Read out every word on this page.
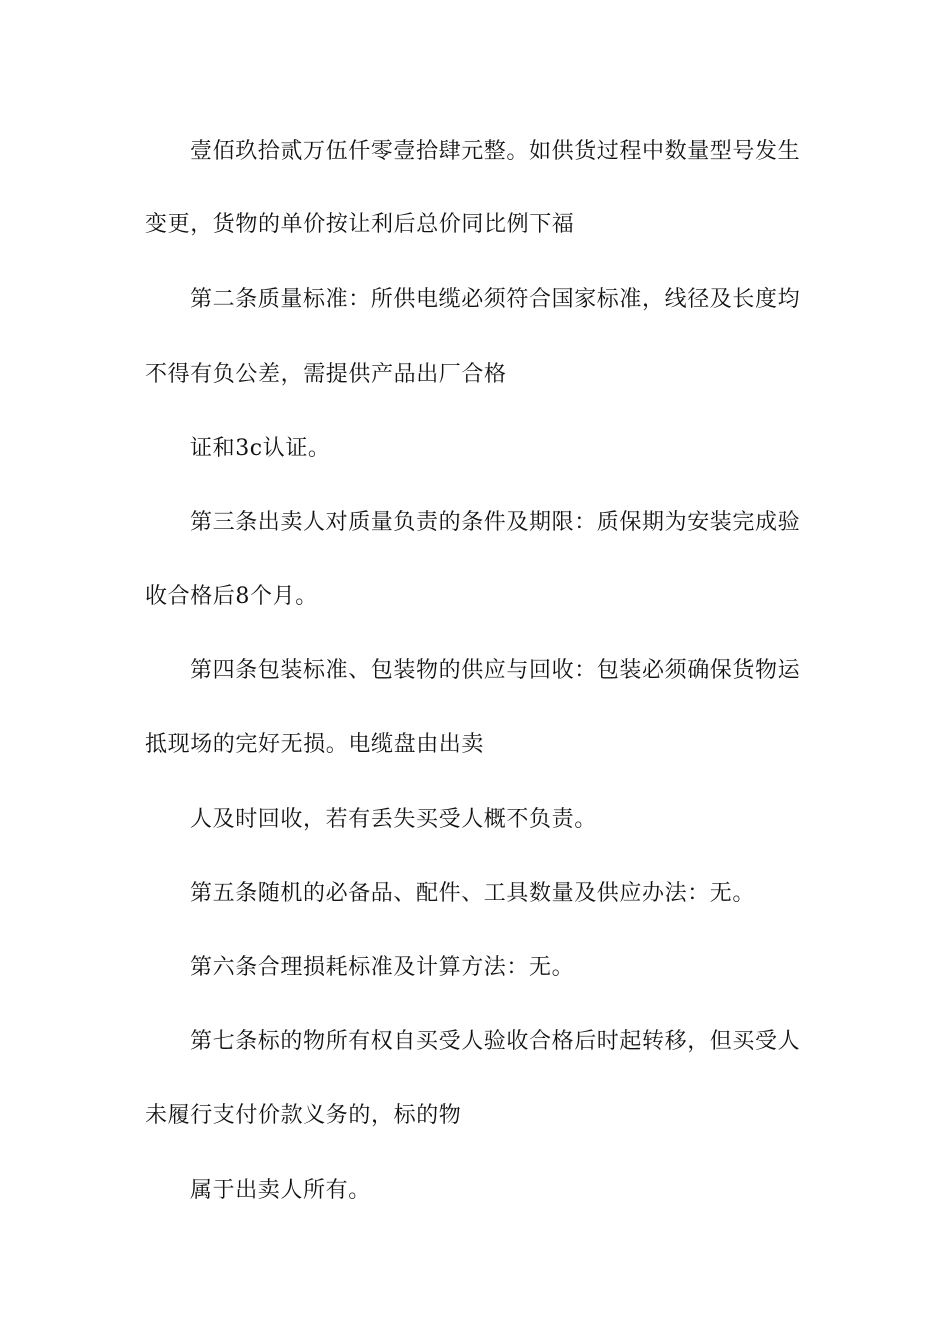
壹佰玖拾贰万伍仟零壹拾肆元整。如供货过程中数量型号发生
变更，货物的单价按让利后总价同比例下福
第二条质量标准：所供电缆必须符合国家标准，线径及长度均
不得有负公差，需提供产品出厂合格
证和3c认证。
第三条出卖人对质量负责的条件及期限：质保期为安装完成验
收合格后8个月。
第四条包装标准、包装物的供应与回收：包装必须确保货物运
抵现场的完好无损。电缆盘由出卖
人及时回收，若有丢失买受人概不负责。
第五条随机的必备品、配件、工具数量及供应办法：无。
第六条合理损耗标准及计算方法：无。
第七条标的物所有权自买受人验收合格后时起转移，但买受人
未履行支付价款义务的，标的物
属于出卖人所有。
